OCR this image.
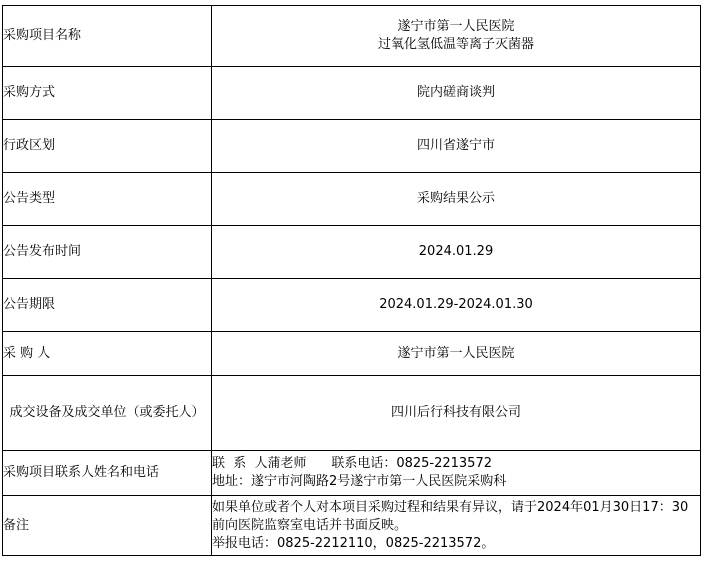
采购项目名称	遂宁市第一人民医院
过氧化氢低温等离子灭菌器

采购方式	院内磋商谈判
行政区划	四川省遂宁市
公告类型	采购结果公示
公告发布时间	2024.01.29
公告期限	2024.01.29-2024.01.30
采 购 人	遂宁市第一人民医院
成交设备及成交单位（或委托人）	四川后行科技有限公司
采购项目联系人姓名和电话	联  系  人蒲老师      联系电话：0825-2213572
地址：遂宁市河陶路2号遂宁市第一人民医院采购科

备注	如果单位或者个人对本项目采购过程和结果有异议，请于2024年01月30日17：30前向医院监察室电话并书面反映。
举报电话：0825-2212110，0825-2213572。
